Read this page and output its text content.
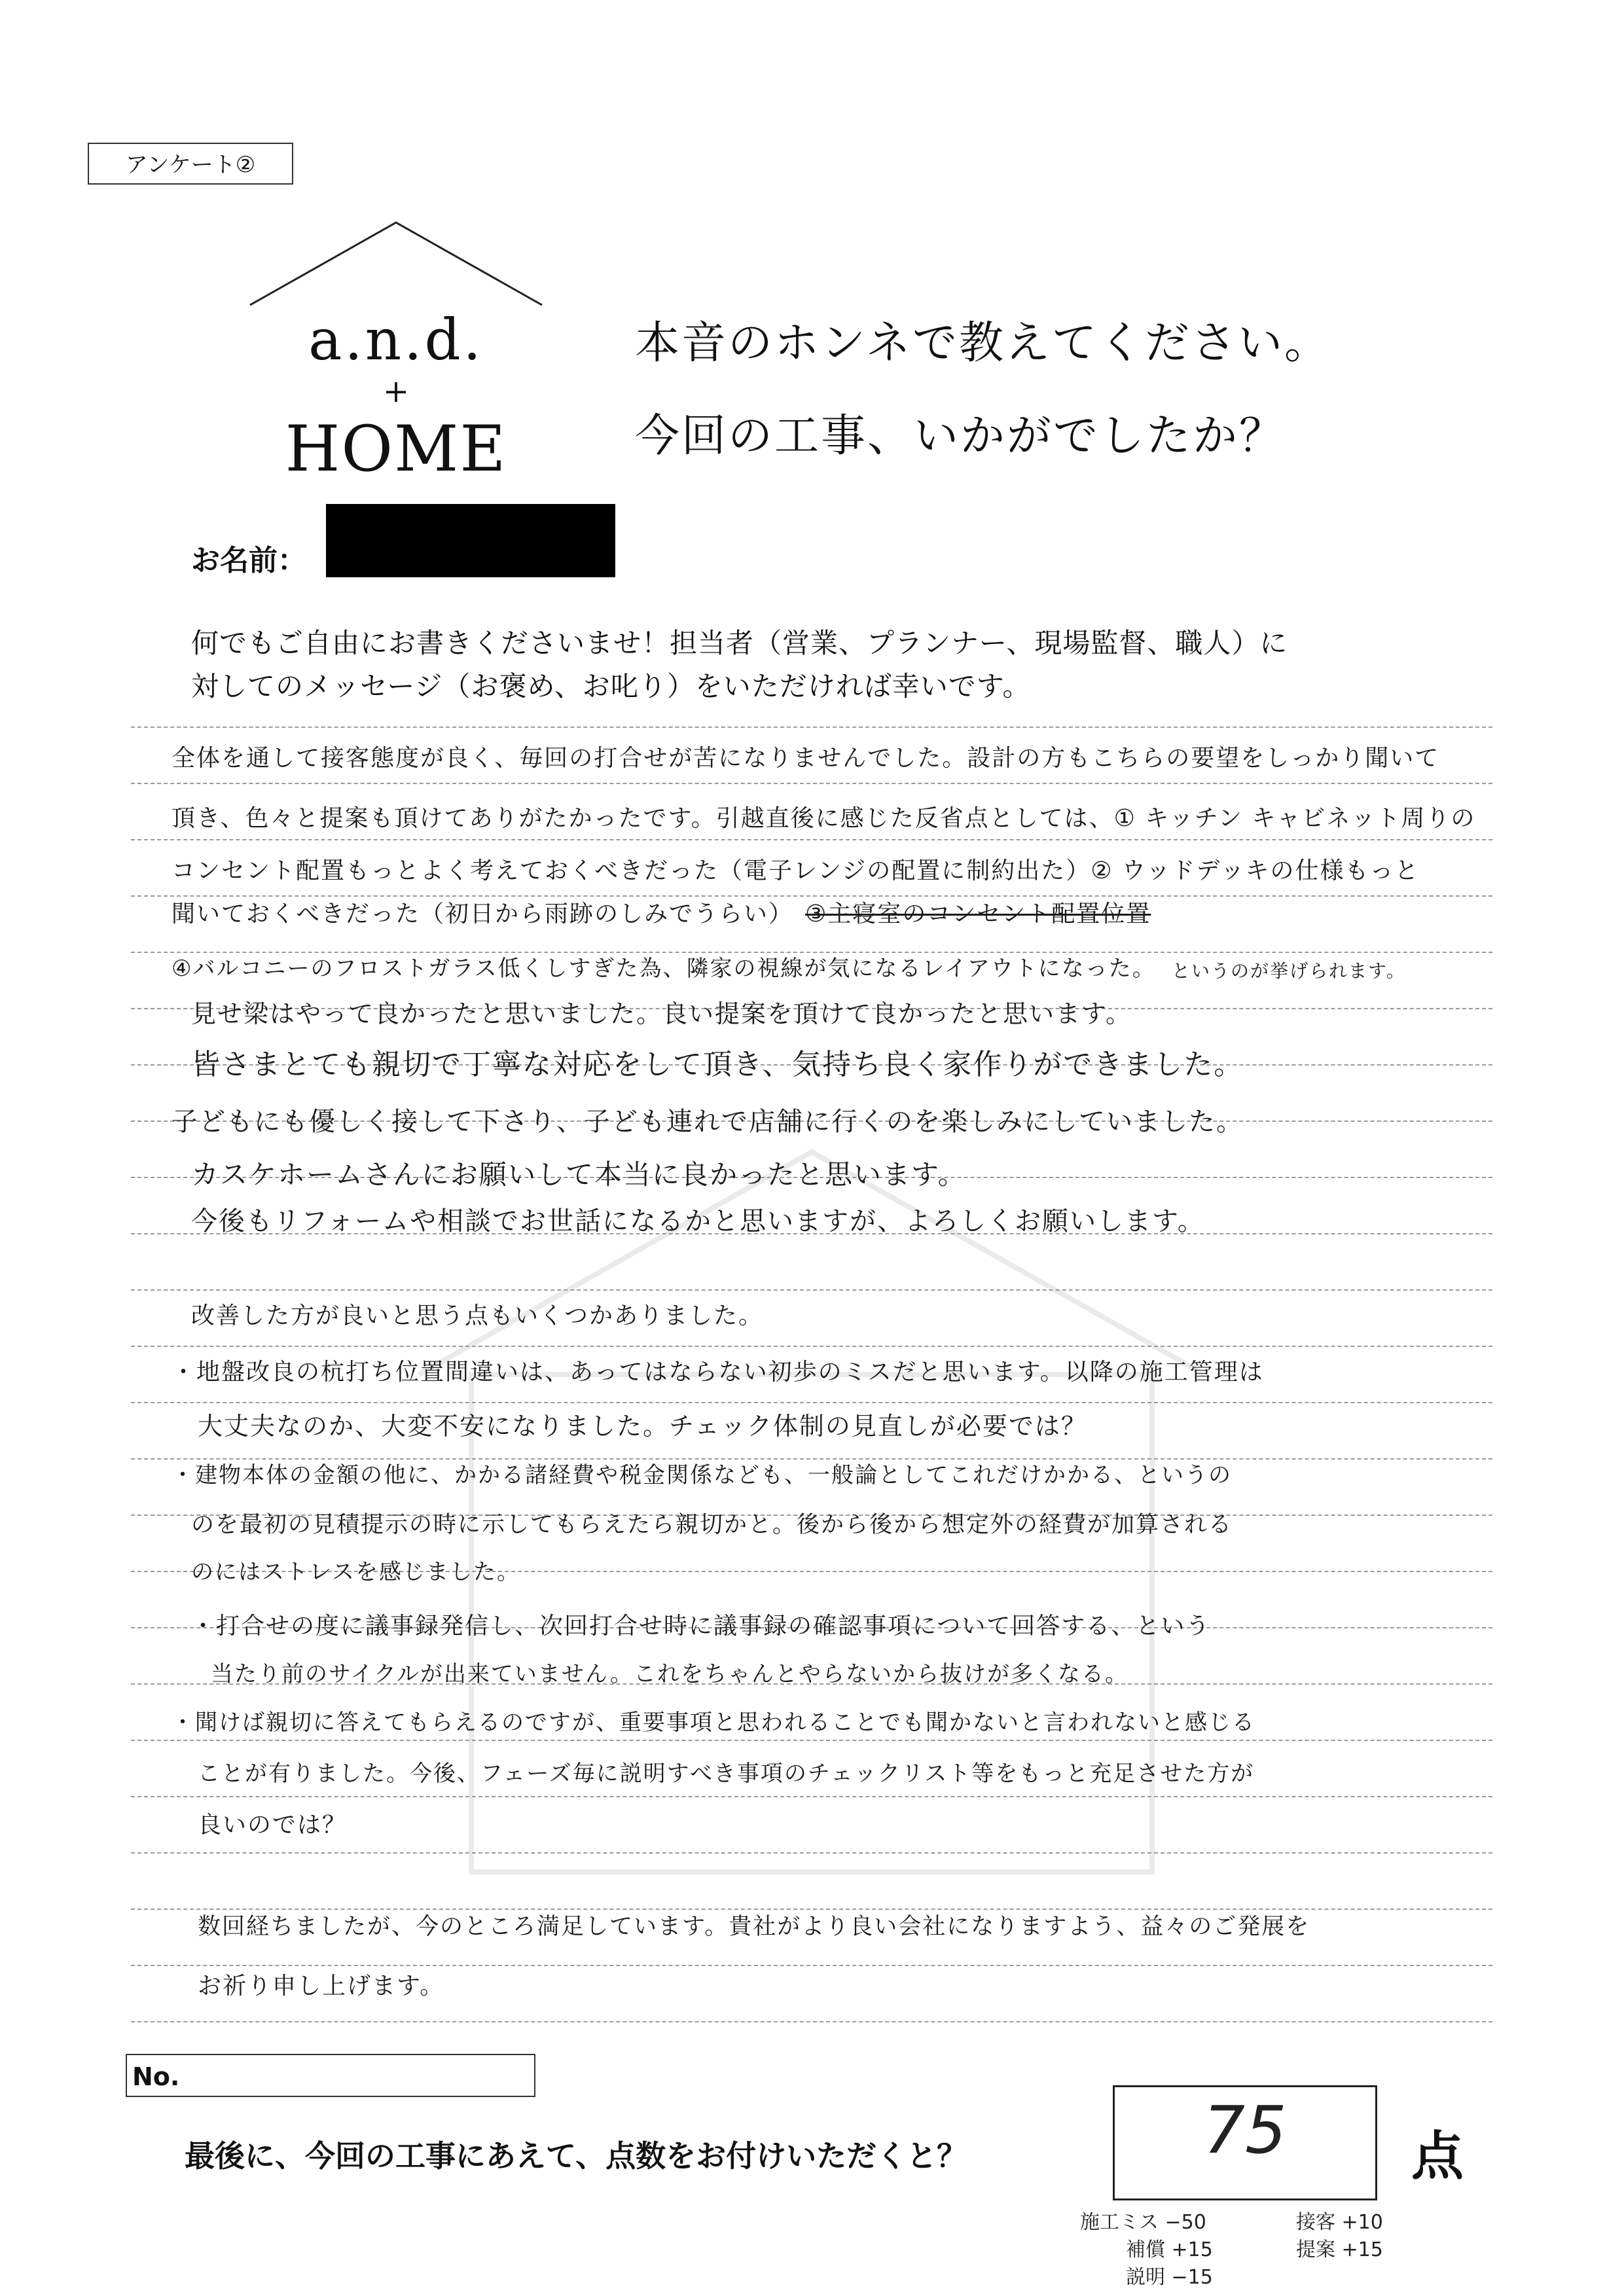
アンケート②
a.n.d.
+
HOME
本音のホンネで教えてください。
今回の工事、いかがでしたか？
お名前：
何でもご自由にお書きくださいませ！担当者（営業、プランナー、現場監督、職人）に
対してのメッセージ（お褒め、お叱り）をいただければ幸いです。
全体を通して接客態度が良く、毎回の打合せが苦になりませんでした。設計の方もこちらの要望をしっかり聞いて
頂き、色々と提案も頂けてありがたかったです。引越直後に感じた反省点としては、① キッチン キャビネット周りの
コンセント配置もっとよく考えておくべきだった（電子レンジの配置に制約出た）② ウッドデッキの仕様もっと
聞いておくべきだった（初日から雨跡のしみでうらい） ③主寝室のコンセント配置位置
④バルコニーのフロストガラス低くしすぎた為、隣家の視線が気になるレイアウトになった。 というのが挙げられます。
見せ梁はやって良かったと思いました。良い提案を頂けて良かったと思います。
皆さまとても親切で丁寧な対応をして頂き、気持ち良く家作りができました。
子どもにも優しく接して下さり、子ども連れで店舗に行くのを楽しみにしていました。
カスケホームさんにお願いして本当に良かったと思います。
今後もリフォームや相談でお世話になるかと思いますが、よろしくお願いします。
改善した方が良いと思う点もいくつかありました。
・地盤改良の杭打ち位置間違いは、あってはならない初歩のミスだと思います。以降の施工管理は
大丈夫なのか、大変不安になりました。チェック体制の見直しが必要では？
・建物本体の金額の他に、かかる諸経費や税金関係なども、一般論としてこれだけかかる、というの
のを最初の見積提示の時に示してもらえたら親切かと。後から後から想定外の経費が加算される
のにはストレスを感じました。
・打合せの度に議事録発信し、次回打合せ時に議事録の確認事項について回答する、という
当たり前のサイクルが出来ていません。これをちゃんとやらないから抜けが多くなる。
・聞けば親切に答えてもらえるのですが、重要事項と思われることでも聞かないと言われないと感じる
ことが有りました。今後、フェーズ毎に説明すべき事項のチェックリスト等をもっと充足させた方が
良いのでは？
数回経ちましたが、今のところ満足しています。貴社がより良い会社になりますよう、益々のご発展を
お祈り申し上げます。
No.
最後に、今回の工事にあえて、点数をお付けいただくと？	75	点
施工ミス −50
補償 +15
説明 −15
接客 +10
提案 +15
